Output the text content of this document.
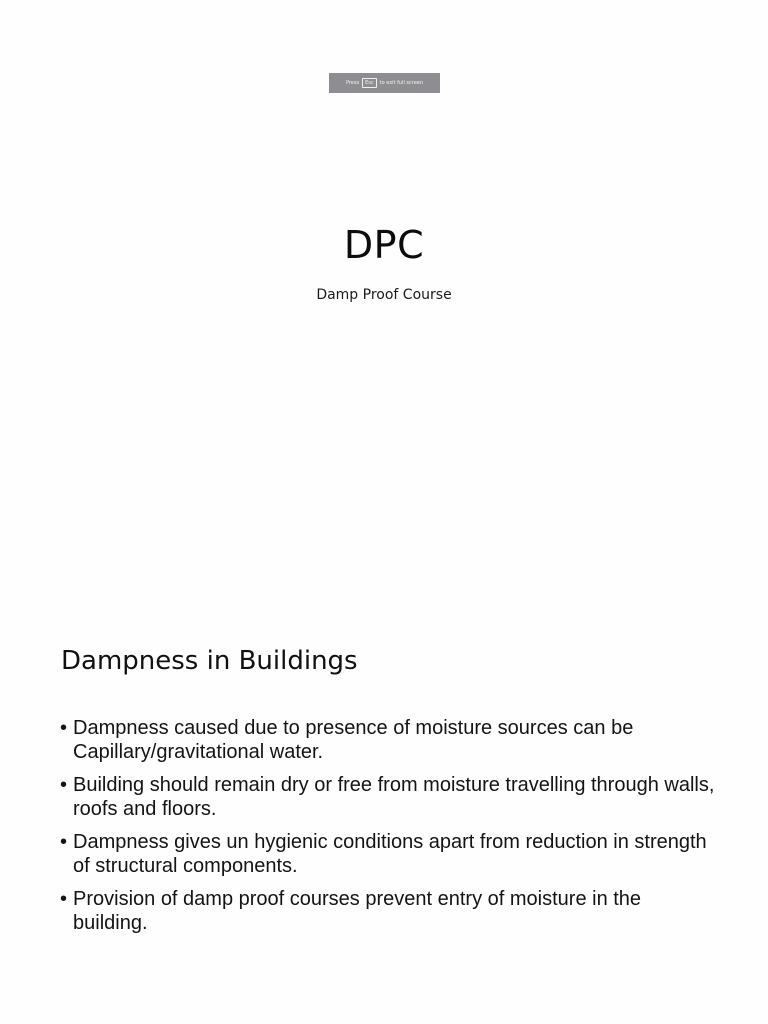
Press	Esc	to exit full screen
DPC
Damp Proof Course
Dampness in Buildings
• Dampness caused due to presence of moisture sources can be Capillary/gravitational water.
• Building should remain dry or free from moisture travelling through walls, roofs and floors.
• Dampness gives un hygienic conditions apart from reduction in strength of structural components.
• Provision of damp proof courses prevent entry of moisture in the building.
